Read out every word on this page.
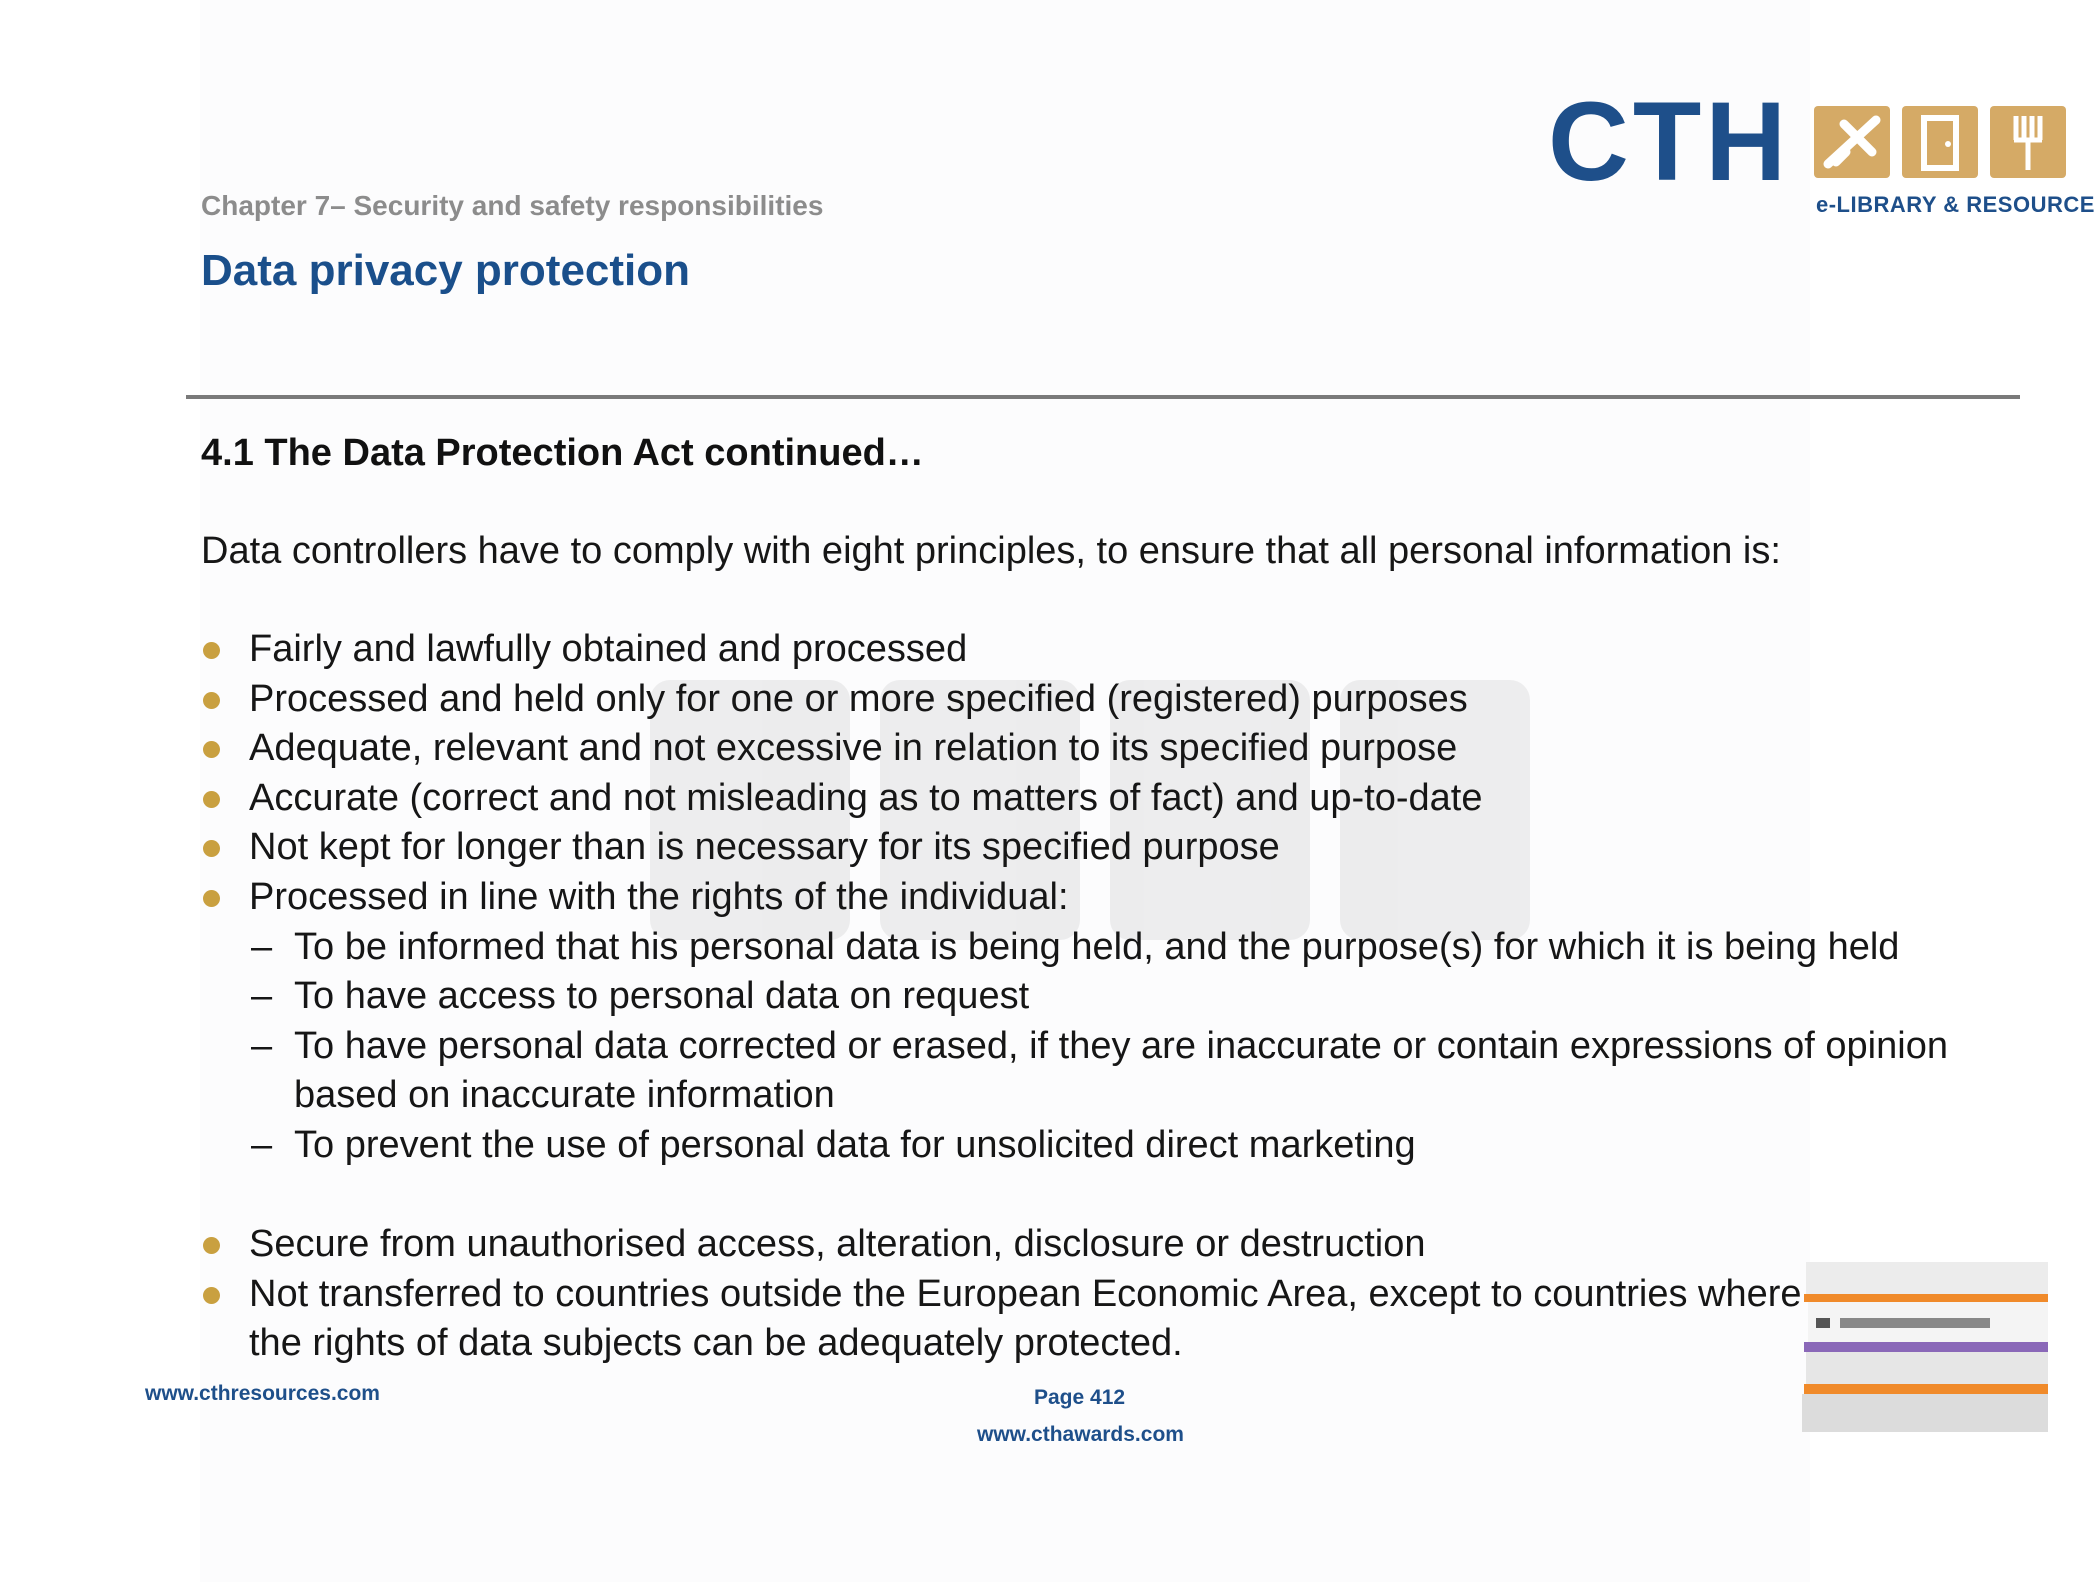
CTH
e-LIBRARY & RESOURCE
Chapter 7– Security and safety responsibilities
Data privacy protection
4.1 The Data Protection Act continued…
Data controllers have to comply with eight principles, to ensure that all personal information is:
Fairly and lawfully obtained and processed
Processed and held only for one or more specified (registered) purposes
Adequate, relevant and not excessive in relation to its specified purpose
Accurate (correct and not misleading as to matters of fact) and up-to-date
Not kept for longer than is necessary for its specified purpose
Processed in line with the rights of the individual:
– To be informed that his personal data is being held, and the purpose(s) for which it is being held
– To have access to personal data on request
– To have personal data corrected or erased, if they are inaccurate or contain expressions of opinion based on inaccurate information
– To prevent the use of personal data for unsolicited direct marketing
Secure from unauthorised access, alteration, disclosure or destruction
Not transferred to countries outside the European Economic Area, except to countries where the rights of data subjects can be adequately protected.
www.cthresources.com	Page 412
www.cthawards.com
